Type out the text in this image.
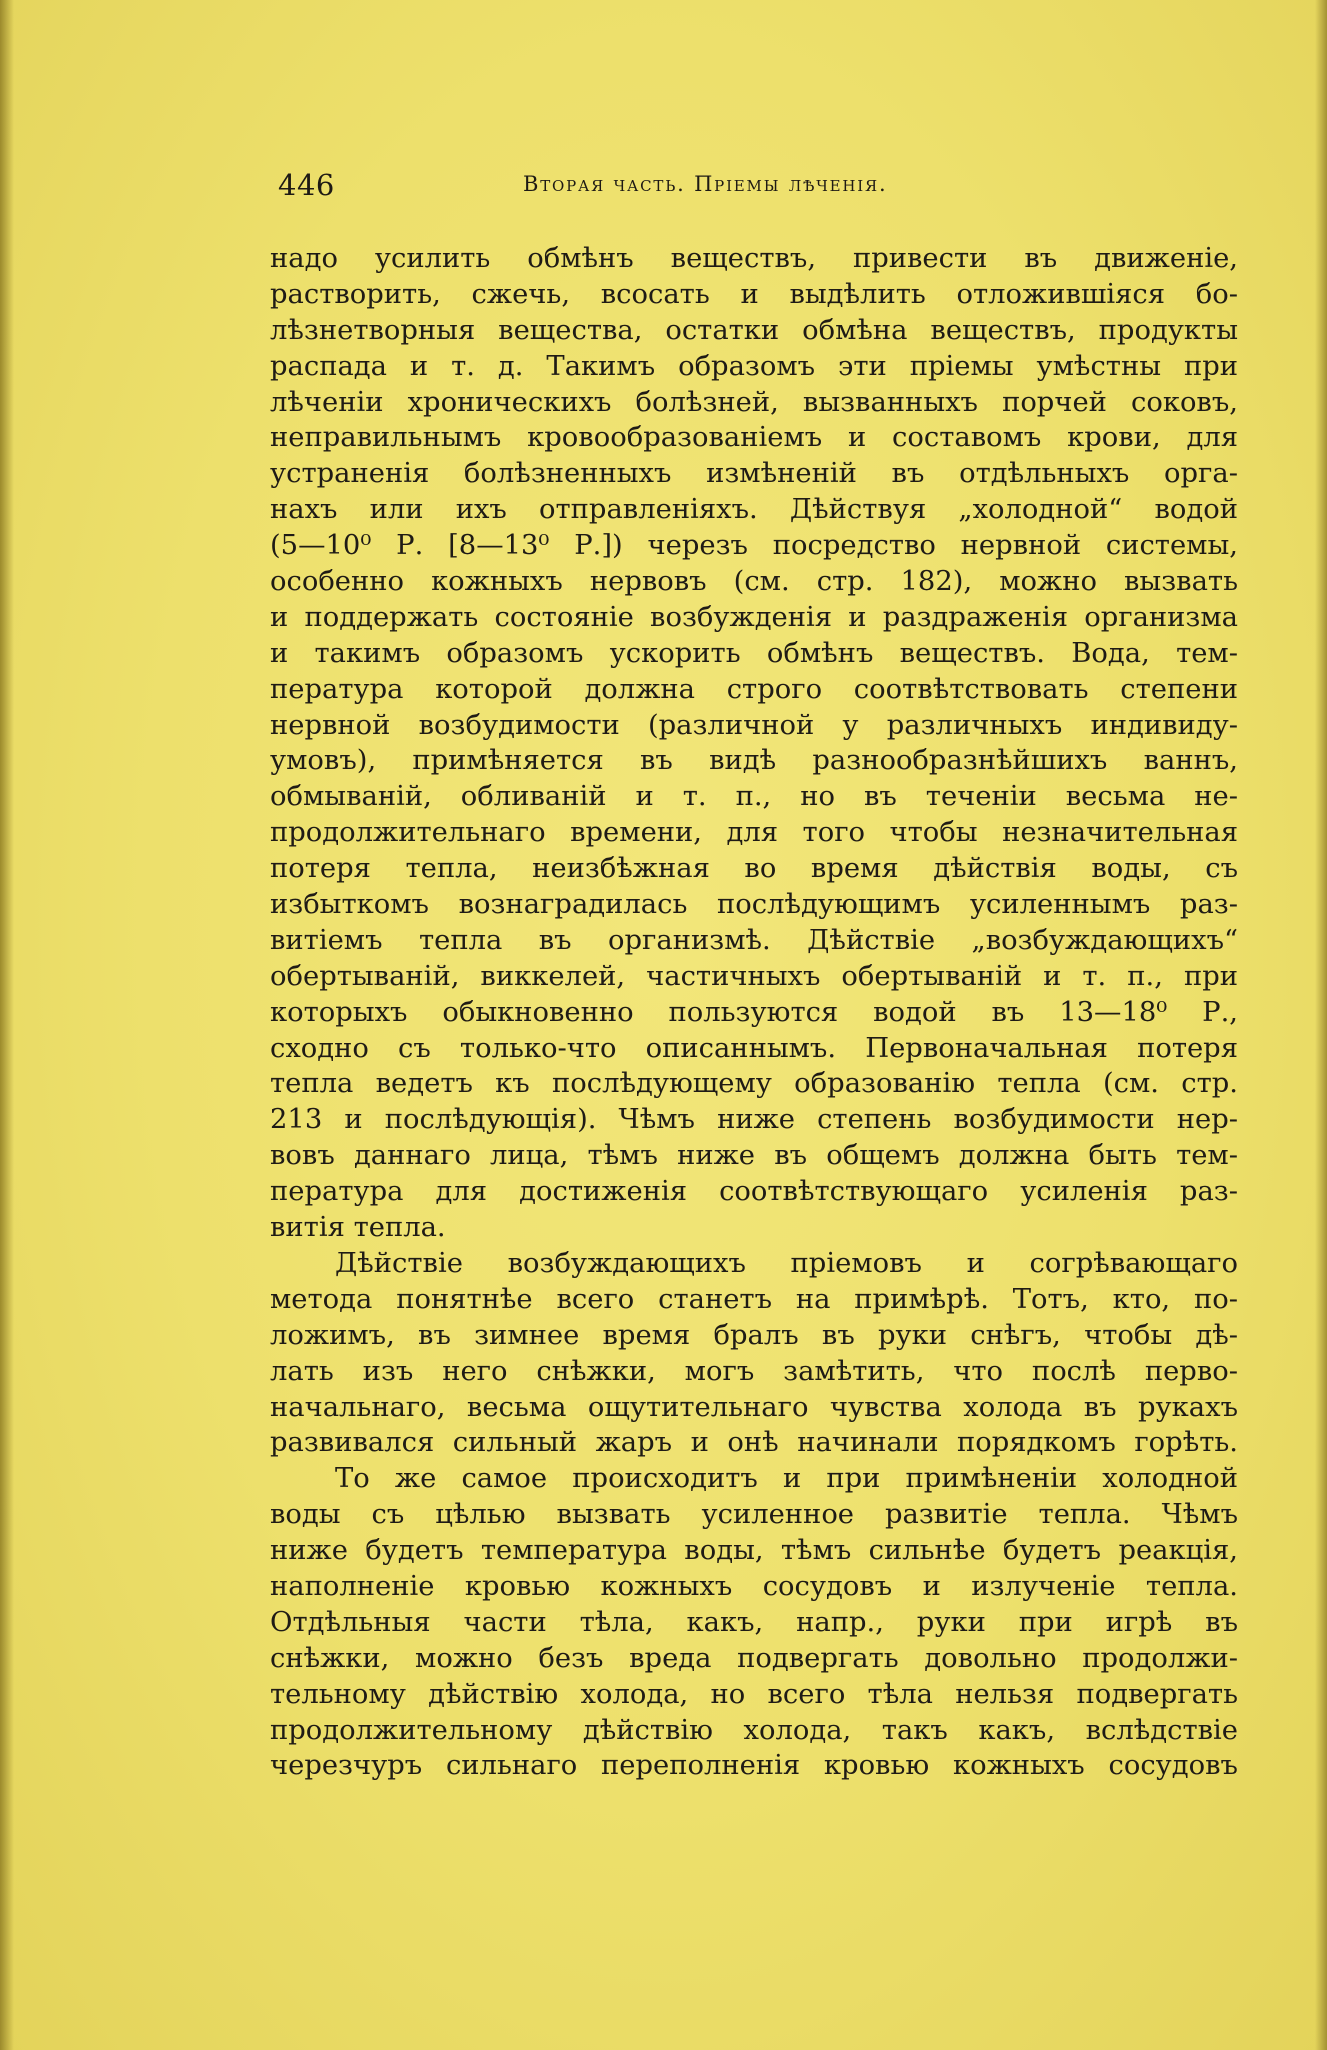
446	Вторая часть. Пріемы лѣченія.
надо усилить обмѣнъ веществъ, привести въ движеніе,
растворить, сжечь, всосать и выдѣлить отложившіяся бо-
лѣзнетворныя вещества, остатки обмѣна веществъ, продукты
распада и т. д. Такимъ образомъ эти пріемы умѣстны при
лѣченіи хроническихъ болѣзней, вызванныхъ порчей соковъ,
неправильнымъ кровообразованіемъ и составомъ крови, для
устраненія болѣзненныхъ измѣненій въ отдѣльныхъ орга-
нахъ или ихъ отправленіяхъ. Дѣйствуя „холодной“ водой
(5—10⁰ Р. [8—13⁰ Р.]) черезъ посредство нервной системы,
особенно кожныхъ нервовъ (см. стр. 182), можно вызвать
и поддержать состояніе возбужденія и раздраженія организма
и такимъ образомъ ускорить обмѣнъ веществъ. Вода, тем-
пература которой должна строго соотвѣтствовать степени
нервной возбудимости (различной у различныхъ индивиду-
умовъ), примѣняется въ видѣ разнообразнѣйшихъ ваннъ,
обмываній, обливаній и т. п., но въ теченіи весьма не-
продолжительнаго времени, для того чтобы незначительная
потеря тепла, неизбѣжная во время дѣйствія воды, съ
избыткомъ вознаградилась послѣдующимъ усиленнымъ раз-
витіемъ тепла въ организмѣ. Дѣйствіе „возбуждающихъ“
обертываній, виккелей, частичныхъ обертываній и т. п., при
которыхъ обыкновенно пользуются водой въ 13—18⁰ Р.,
сходно съ только-что описаннымъ. Первоначальная потеря
тепла ведетъ къ послѣдующему образованію тепла (см. стр.
213 и послѣдующія). Чѣмъ ниже степень возбудимости нер-
вовъ даннаго лица, тѣмъ ниже въ общемъ должна быть тем-
пература для достиженія соотвѣтствующаго усиленія раз-
витія тепла.
Дѣйствіе возбуждающихъ пріемовъ и согрѣвающаго
метода понятнѣе всего станетъ на примѣрѣ. Тотъ, кто, по-
ложимъ, въ зимнее время бралъ въ руки снѣгъ, чтобы дѣ-
лать изъ него снѣжки, могъ замѣтить, что послѣ перво-
начальнаго, весьма ощутительнаго чувства холода въ рукахъ
развивался сильный жаръ и онѣ начинали порядкомъ горѣть.
То же самое происходитъ и при примѣненіи холодной
воды съ цѣлью вызвать усиленное развитіе тепла. Чѣмъ
ниже будетъ температура воды, тѣмъ сильнѣе будетъ реакція,
наполненіе кровью кожныхъ сосудовъ и излученіе тепла.
Отдѣльныя части тѣла, какъ, напр., руки при игрѣ въ
снѣжки, можно безъ вреда подвергать довольно продолжи-
тельному дѣйствію холода, но всего тѣла нельзя подвергать
продолжительному дѣйствію холода, такъ какъ, вслѣдствіе
черезчуръ сильнаго переполненія кровью кожныхъ сосудовъ
